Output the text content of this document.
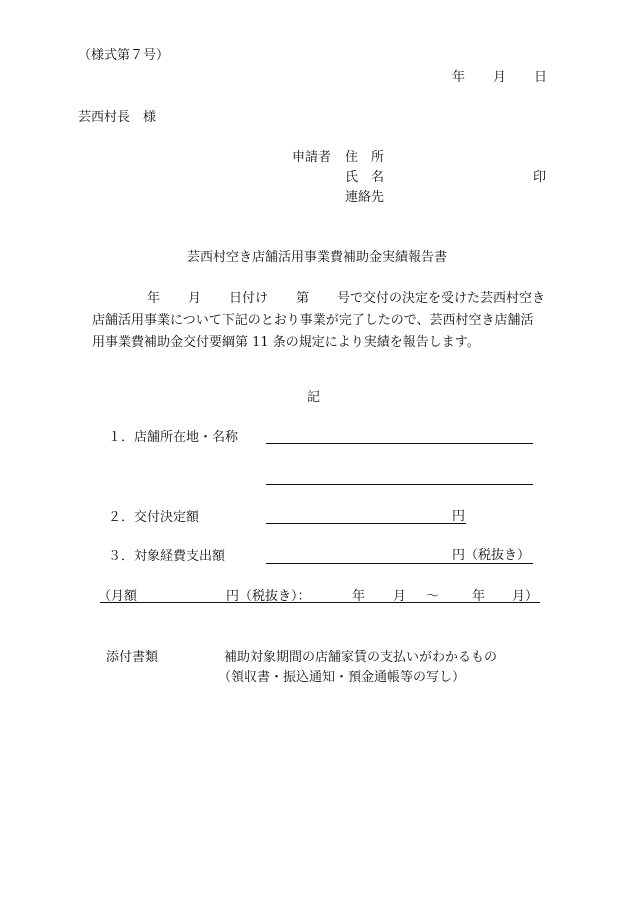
（様式第７号）
年 月 日
芸西村長　様
申請者 住　所
氏　名	印
連絡先
芸西村空き店舗活用事業費補助金実績報告書
年 月 日付け 第 号で交付の決定を受けた芸西村空き
店舗活用事業について下記のとおり事業が完了したので、芸西村空き店舗活
用事業費補助金交付要綱第 11 条の規定により実績を報告します。
記
１．店舗所在地・名称
２．交付決定額	円
３．対象経費支出額	円（税抜き）
（月額	円（税抜き）：	年 月 ～	年 月）
添付書類	補助対象期間の店舗家賃の支払いがわかるもの
（領収書・振込通知・預金通帳等の写し）
